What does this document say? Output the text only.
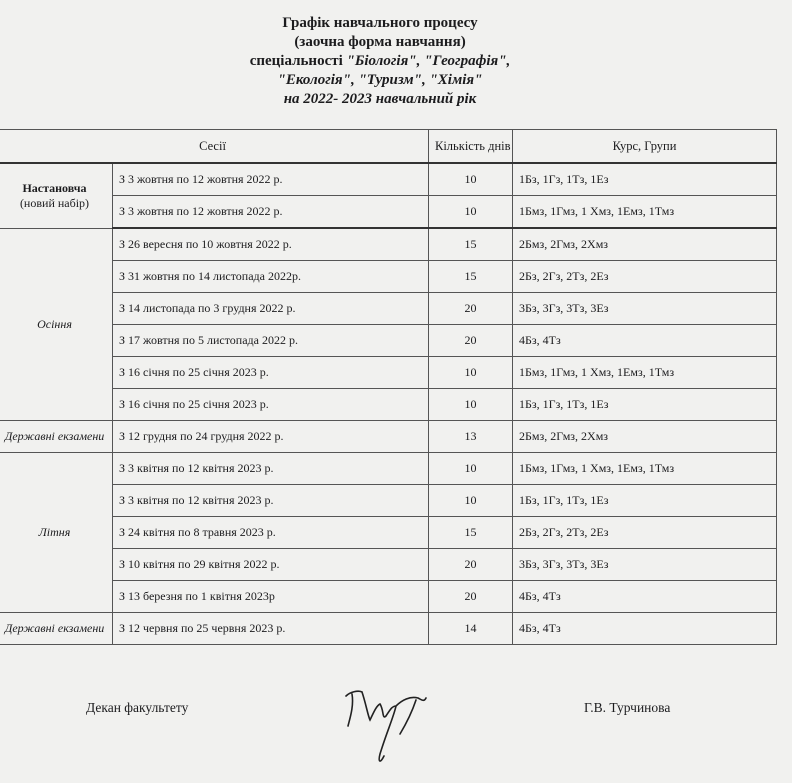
Графік навчального процесу
(заочна форма навчання)
спеціальності "Біологія", "Географія",
"Екологія", "Туризм", "Хімія"
на 2022- 2023 навчальний рік
Сесії		Кількість днів	Курс, Групи
Настановча
(новий набір)	З 3 жовтня по 12 жовтня 2022 р.	10	1Бз, 1Гз, 1Тз, 1Ез
	З 3 жовтня по 12 жовтня 2022 р.	10	1Бмз, 1Гмз, 1 Хмз, 1Емз, 1Тмз
Осіння	З 26 вересня по 10 жовтня 2022 р.	15	2Бмз, 2Гмз, 2Хмз
	З 31 жовтня по 14 листопада 2022р.	15	2Бз, 2Гз, 2Тз, 2Ез
	З 14 листопада по 3 грудня 2022 р.	20	3Бз, 3Гз, 3Тз, 3Ез
	З 17 жовтня по 5 листопада 2022 р.	20	4Бз, 4Тз
	З 16 січня по 25 січня 2023 р.	10	1Бмз, 1Гмз, 1 Хмз, 1Емз, 1Тмз
	З 16 січня по 25 січня 2023 р.	10	1Бз, 1Гз, 1Тз, 1Ез
Державні екзамени	З 12 грудня по 24 грудня 2022 р.	13	2Бмз, 2Гмз, 2Хмз
Літня	З 3 квітня по 12 квітня 2023 р.	10	1Бмз, 1Гмз, 1 Хмз, 1Емз, 1Тмз
	З 3 квітня по 12 квітня 2023 р.	10	1Бз, 1Гз, 1Тз, 1Ез
	З 24 квітня по 8 травня 2023 р.	15	2Бз, 2Гз, 2Тз, 2Ез
	З 10 квітня по 29 квітня 2022 р.	20	3Бз, 3Гз, 3Тз, 3Ез
	З 13 березня по 1 квітня 2023р	20	4Бз, 4Тз
Державні екзамени	З 12 червня по 25 червня 2023 р.	14	4Бз, 4Тз
Декан факультету	Г.В. Турчинова
